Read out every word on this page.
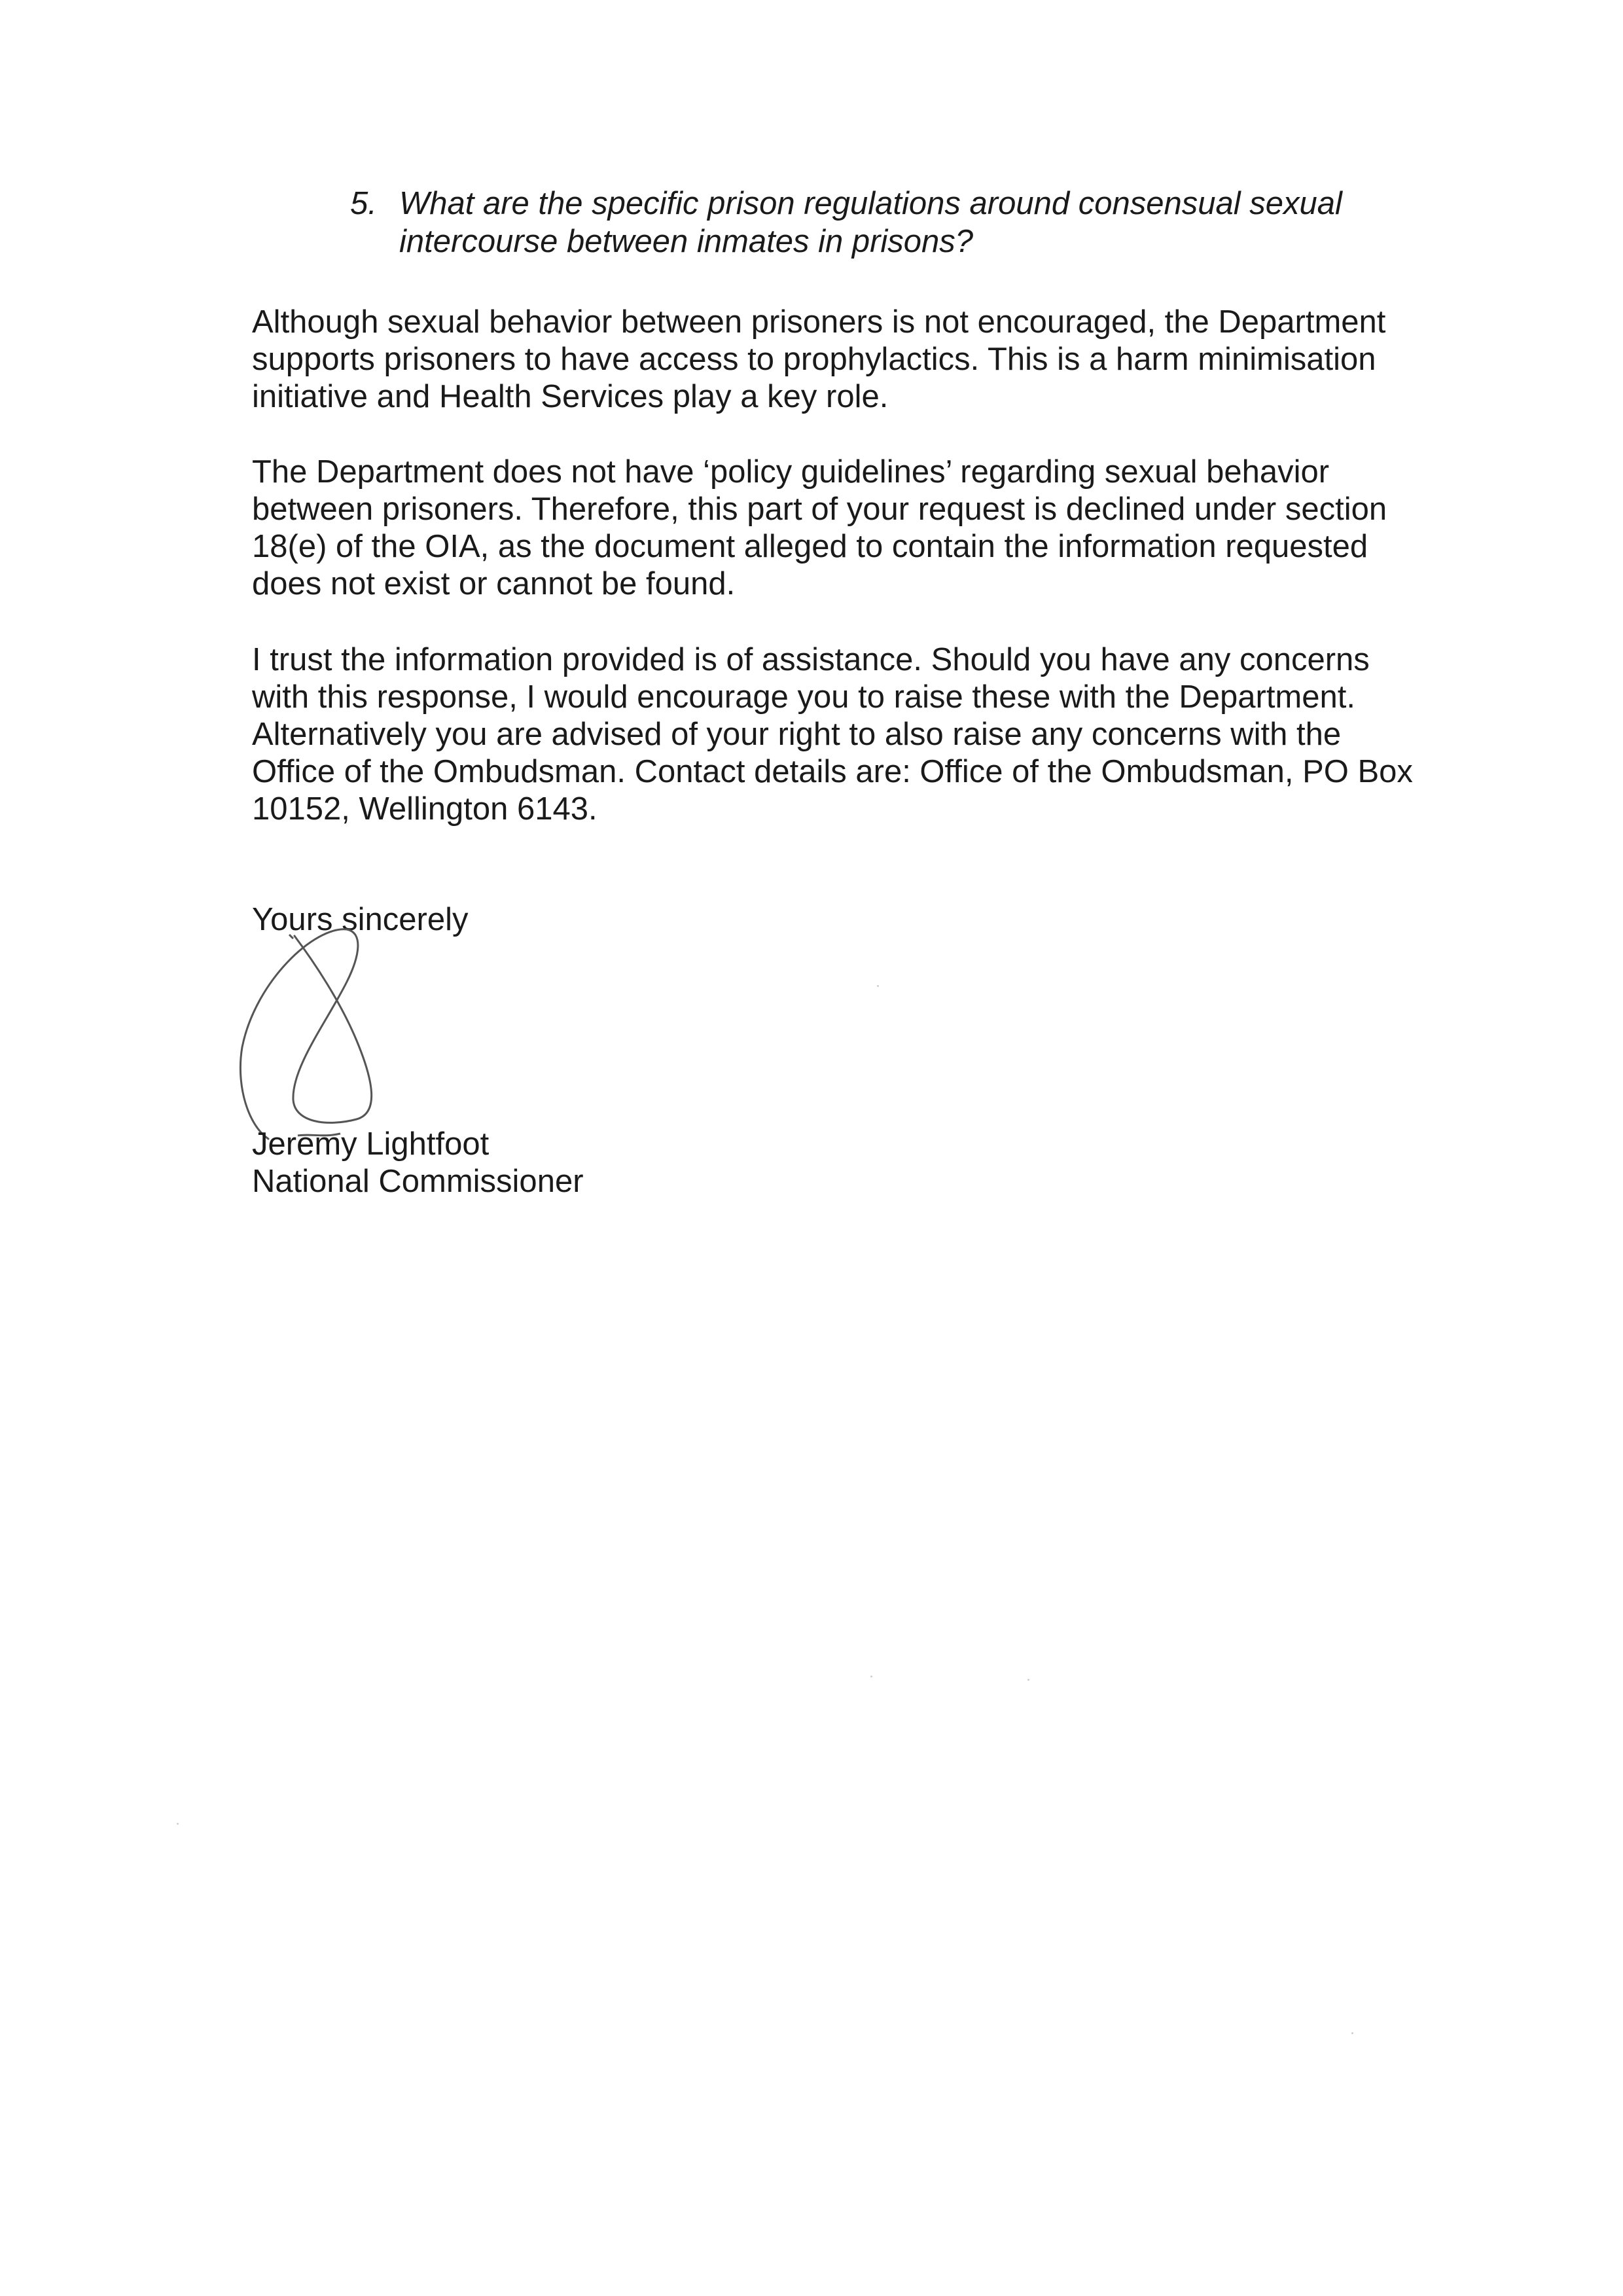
5. What are the specific prison regulations around consensual sexual intercourse between inmates in prisons?

Although sexual behavior between prisoners is not encouraged, the Department supports prisoners to have access to prophylactics. This is a harm minimisation initiative and Health Services play a key role.

The Department does not have ‘policy guidelines’ regarding sexual behavior between prisoners. Therefore, this part of your request is declined under section 18(e) of the OIA, as the document alleged to contain the information requested does not exist or cannot be found.

I trust the information provided is of assistance. Should you have any concerns with this response, I would encourage you to raise these with the Department. Alternatively you are advised of your right to also raise any concerns with the Office of the Ombudsman. Contact details are: Office of the Ombudsman, PO Box 10152, Wellington 6143.

Yours sincerely
Jeremy Lightfoot
National Commissioner
